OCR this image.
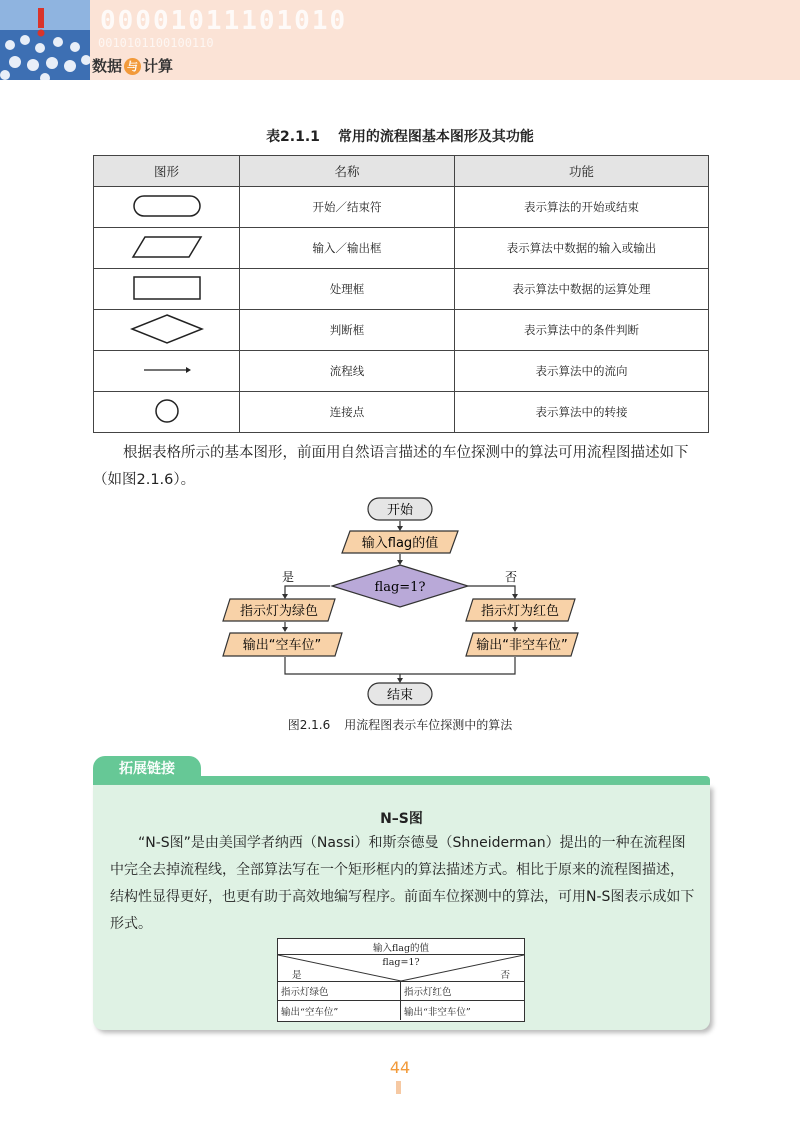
00001011101010
0010101100100110
数据 与 计算
表2.1.1 常用的流程图基本图形及其功能
图形	名称	功能
	开始／结束符	表示算法的开始或结束
	输入／输出框	表示算法中数据的输入或输出
	处理框	表示算法中数据的运算处理
	判断框	表示算法中的条件判断
	流程线	表示算法中的流向
	连接点	表示算法中的转接
根据表格所示的基本图形，前面用自然语言描述的车位探测中的算法可用流程图描述如下（如图2.1.6）。
开始
输入flag的值
flag=1?
是	否
指示灯为绿色	指示灯为红色
输出“空车位”	输出“非空车位”
结束
图2.1.6 用流程图表示车位探测中的算法
拓展链接
N–S图
“N-S图”是由美国学者纳西（Nassi）和斯奈德曼（Shneiderman）提出的一种在流程图中完全去掉流程线，全部算法写在一个矩形框内的算法描述方式。相比于原来的流程图描述，结构性显得更好，也更有助于高效地编写程序。前面车位探测中的算法，可用N-S图表示成如下形式。
输入flag的值
flag=1?
是	否
指示灯绿色	指示灯红色
输出“空车位”	输出“非空车位”
44
